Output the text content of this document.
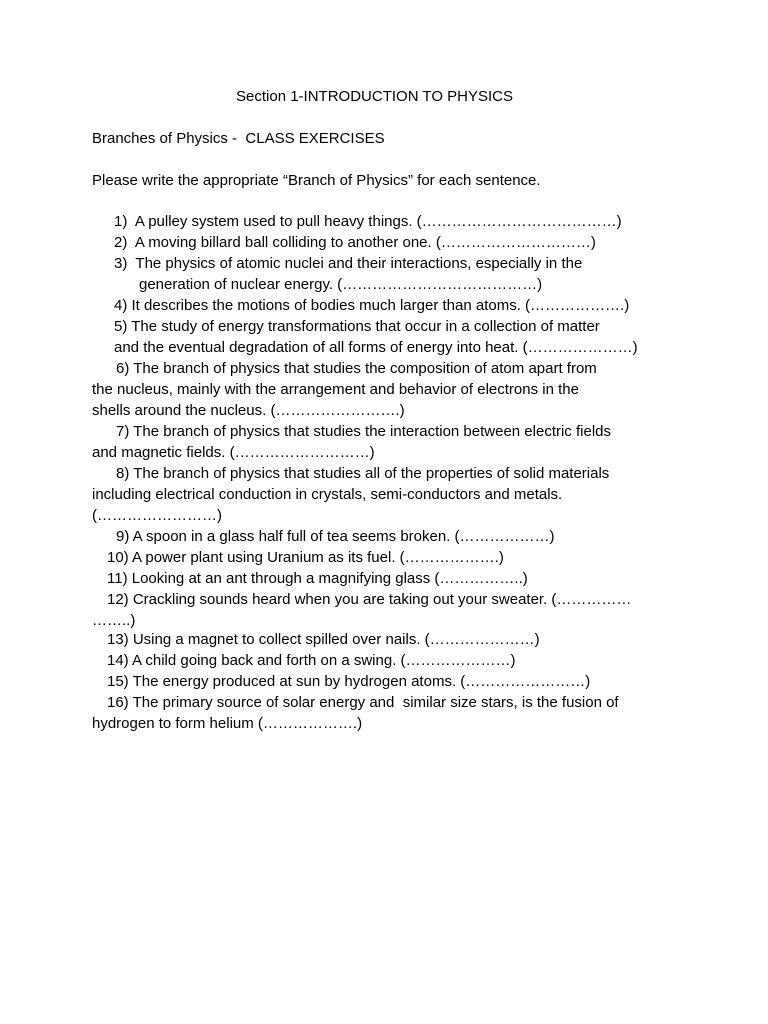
Section 1-INTRODUCTION TO PHYSICS
Branches of Physics -  CLASS EXERCISES
Please write the appropriate “Branch of Physics” for each sentence.
1)  A pulley system used to pull heavy things. (…………………………………)
2)  A moving billard ball colliding to another one. (…………………………)
3)  The physics of atomic nuclei and their interactions, especially in the
generation of nuclear energy. (…………………………………)
4) It describes the motions of bodies much larger than atoms. (……………….)
5) The study of energy transformations that occur in a collection of matter
and the eventual degradation of all forms of energy into heat. (…………………)
6) The branch of physics that studies the composition of atom apart from
the nucleus, mainly with the arrangement and behavior of electrons in the
shells around the nucleus. (…………………….)
7) The branch of physics that studies the interaction between electric fields
and magnetic fields. (………………………)
8) The branch of physics that studies all of the properties of solid materials
including electrical conduction in crystals, semi-conductors and metals.
(……………………)
9) A spoon in a glass half full of tea seems broken. (………………)
10) A power plant using Uranium as its fuel. (……………….)
11) Looking at an ant through a magnifying glass (……………..)
12) Crackling sounds heard when you are taking out your sweater. (……………
……..)
13) Using a magnet to collect spilled over nails. (…………………)
14) A child going back and forth on a swing. (…………………)
15) The energy produced at sun by hydrogen atoms. (……………………)
16) The primary source of solar energy and  similar size stars, is the fusion of
hydrogen to form helium (……………….)
